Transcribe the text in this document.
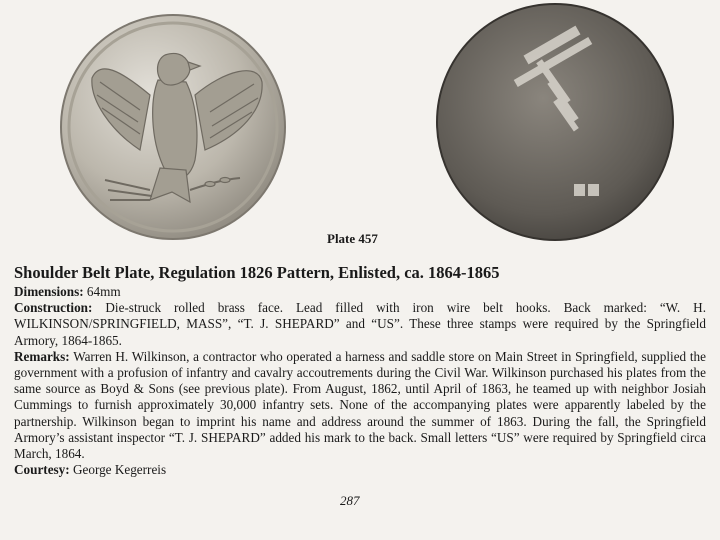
Plate 457
Shoulder Belt Plate, Regulation 1826 Pattern, Enlisted, ca. 1864-1865

Dimensions: 64mm

Construction: Die-struck rolled brass face. Lead filled with iron wire belt hooks. Back marked: “W. H. WILKINSON/SPRINGFIELD, MASS”, “T. J. SHEPARD” and “US”. These three stamps were required by the Springfield Armory, 1864-1865.

Remarks: Warren H. Wilkinson, a contractor who operated a harness and saddle store on Main Street in Springfield, supplied the government with a profusion of infantry and cavalry accoutrements during the Civil War. Wilkinson purchased his plates from the same source as Boyd & Sons (see previous plate). From August, 1862, until April of 1863, he teamed up with neighbor Josiah Cummings to furnish approximately 30,000 infantry sets. None of the accompanying plates were apparently labeled by the partnership. Wilkinson began to imprint his name and address around the summer of 1863. During the fall, the Springfield Armory’s assistant inspector “T. J. SHEPARD” added his mark to the back. Small letters “US” were required by Springfield circa March, 1864.

Courtesy: George Kegerreis

287
